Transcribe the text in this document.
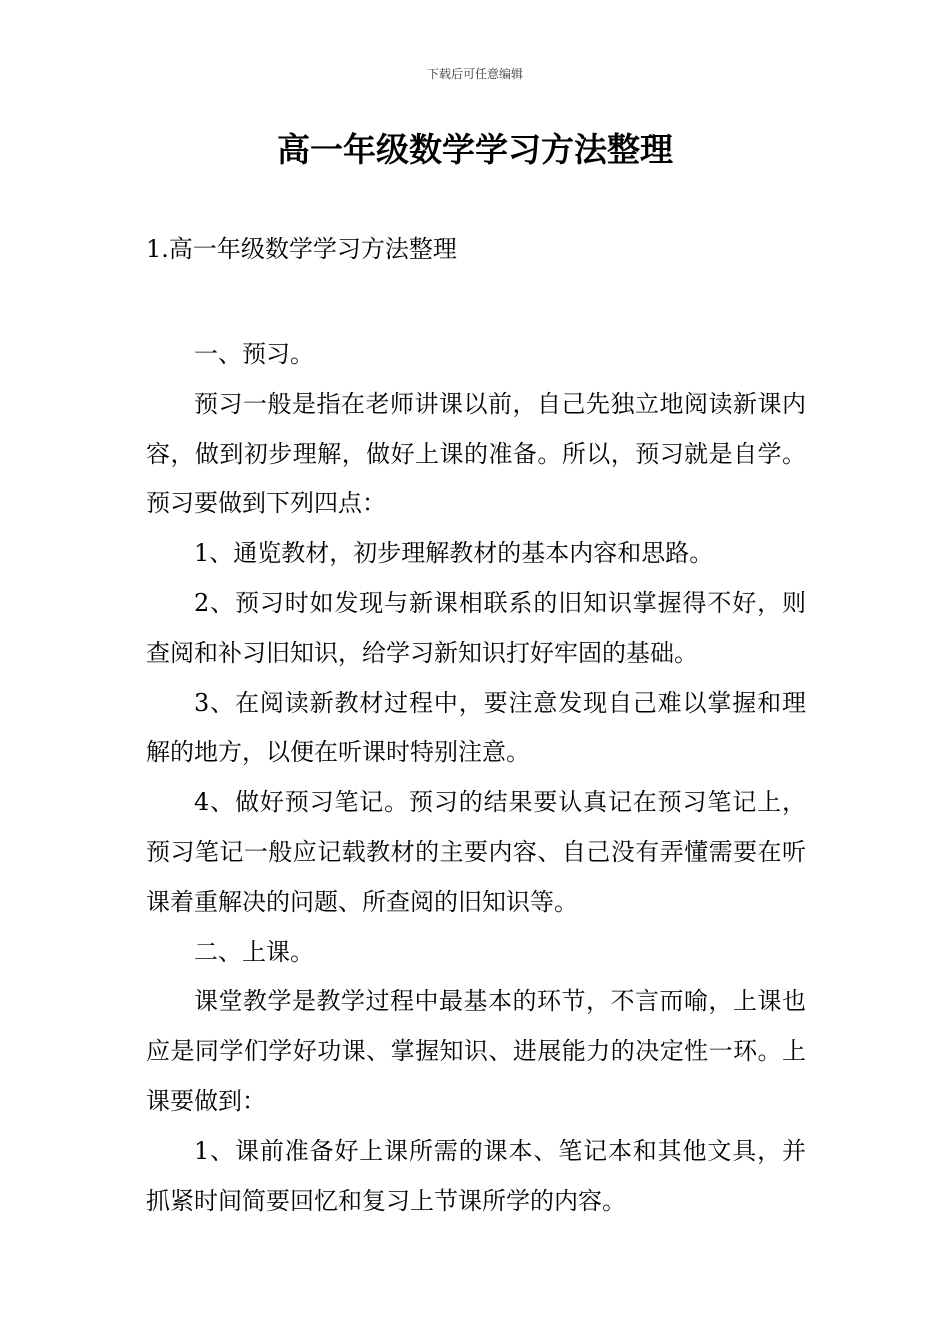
下载后可任意编辑
高一年级数学学习方法整理
1.高一年级数学学习方法整理

一、预习。

预习一般是指在老师讲课以前，自己先独立地阅读新课内容，做到初步理解，做好上课的准备。所以，预习就是自学。预习要做到下列四点：

1、通览教材，初步理解教材的基本内容和思路。

2、预习时如发现与新课相联系的旧知识掌握得不好，则查阅和补习旧知识，给学习新知识打好牢固的基础。

3、在阅读新教材过程中，要注意发现自己难以掌握和理解的地方，以便在听课时特别注意。

4、做好预习笔记。预习的结果要认真记在预习笔记上，预习笔记一般应记载教材的主要内容、自己没有弄懂需要在听课着重解决的问题、所查阅的旧知识等。

二、上课。

课堂教学是教学过程中最基本的环节，不言而喻，上课也应是同学们学好功课、掌握知识、进展能力的决定性一环。上课要做到：

1、课前准备好上课所需的课本、笔记本和其他文具，并抓紧时间简要回忆和复习上节课所学的内容。
